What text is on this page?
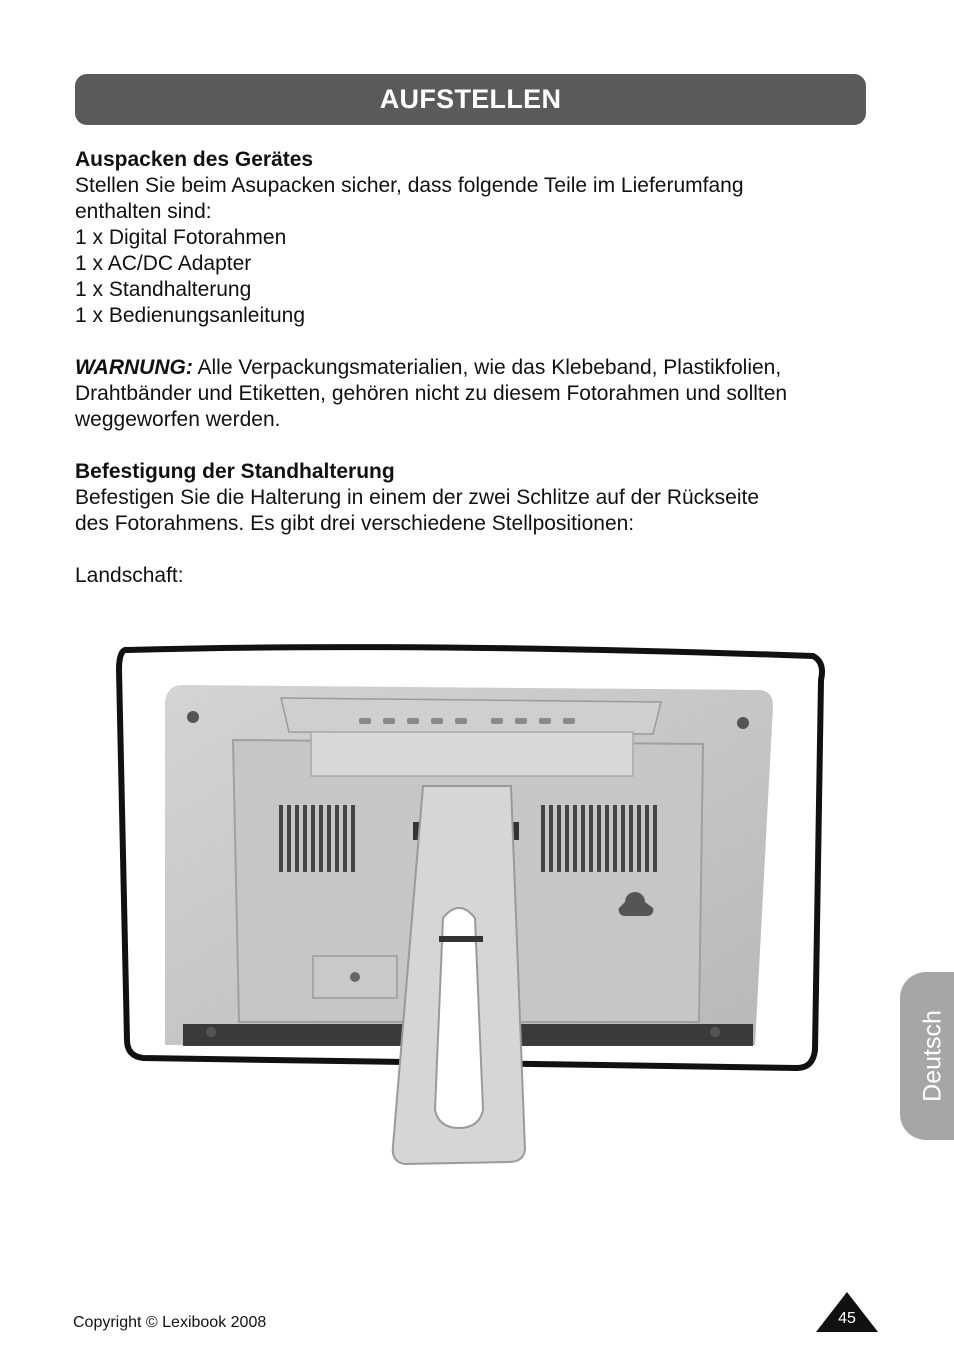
AUFSTELLEN

Auspacken des Gerätes

Stellen Sie beim Asupacken sicher, dass folgende Teile im Lieferumfang

enthalten sind:

1 x Digital Fotorahmen

1 x AC/DC Adapter

1 x Standhalterung

1 x Bedienungsanleitung

WARNUNG: Alle Verpackungsmaterialien, wie das Klebeband, Plastikfolien,

Drahtbänder und Etiketten, gehören nicht zu diesem Fotorahmen und sollten

weggeworfen werden.

Befestigung der Standhalterung

Befestigen Sie die Halterung in einem der zwei Schlitze auf der Rückseite

des Fotorahmens. Es gibt drei verschiedene Stellpositionen:

Landschaft:

Deutsch
Copyright © Lexibook 2008	45
